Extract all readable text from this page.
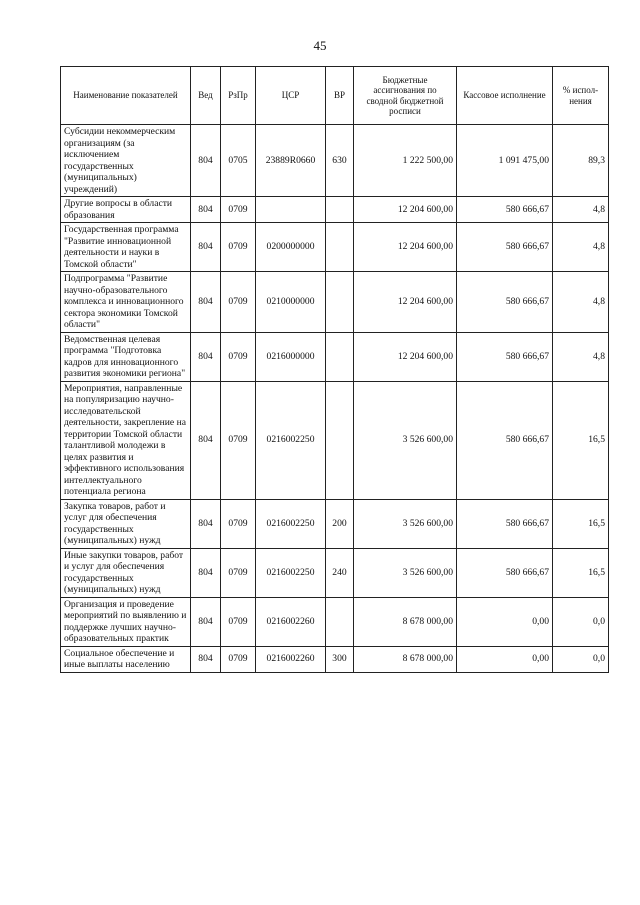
45
Наименование показателей	Вед	РзПр	ЦСР	ВР	Бюджетные ассигнования по сводной бюджетной росписи	Кассовое исполнение	% испол-нения
Субсидии некоммерческим организациям (за исключением государственных (муниципальных) учреждений)	804	0705	23889R0660	630	1 222 500,00	1 091 475,00	89,3
Другие вопросы в области образования	804	0709			12 204 600,00	580 666,67	4,8
Государственная программа "Развитие инновационной деятельности и науки в Томской области"	804	0709	0200000000		12 204 600,00	580 666,67	4,8
Подпрограмма "Развитие научно-образовательного комплекса и инновационного сектора экономики Томской области"	804	0709	0210000000		12 204 600,00	580 666,67	4,8
Ведомственная целевая программа "Подготовка кадров для инновационного развития экономики региона"	804	0709	0216000000		12 204 600,00	580 666,67	4,8
Мероприятия, направленные на популяризацию научно-исследовательской деятельности, закрепление на территории Томской области талантливой молодежи в целях развития и эффективного использования интеллектуального потенциала региона	804	0709	0216002250		3 526 600,00	580 666,67	16,5
Закупка товаров, работ и услуг для обеспечения государственных (муниципальных) нужд	804	0709	0216002250	200	3 526 600,00	580 666,67	16,5
Иные закупки товаров, работ и услуг для обеспечения государственных (муниципальных) нужд	804	0709	0216002250	240	3 526 600,00	580 666,67	16,5
Организация и проведение мероприятий по выявлению и поддержке лучших научно-образовательных практик	804	0709	0216002260		8 678 000,00	0,00	0,0
Социальное обеспечение и иные выплаты населению	804	0709	0216002260	300	8 678 000,00	0,00	0,0
